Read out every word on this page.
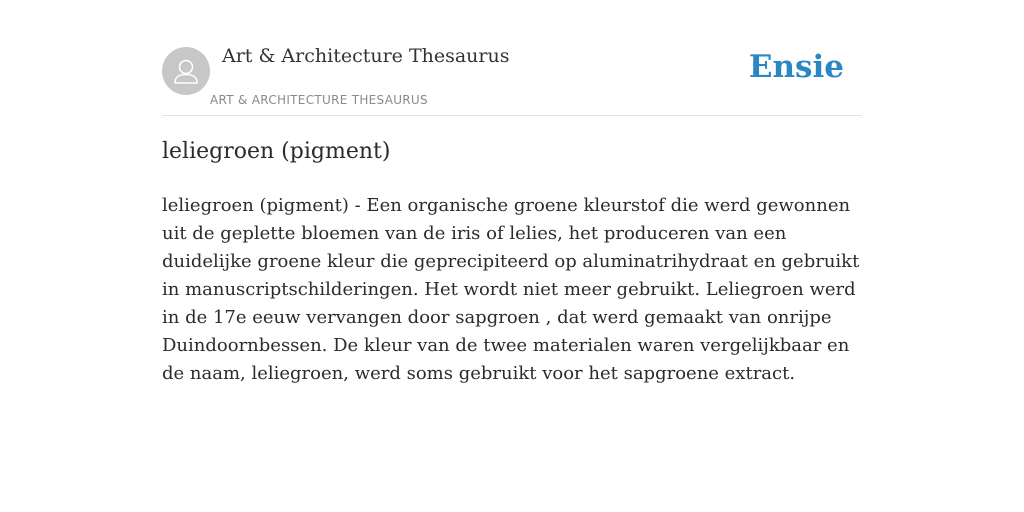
Art & Architecture Thesaurus
ART & ARCHITECTURE THESAURUS
Ensie
leliegroen (pigment)

leliegroen (pigment) - Een organische groene kleurstof die werd gewonnen uit de geplette bloemen van de iris of lelies, het produceren van een duidelijke groene kleur die geprecipiteerd op aluminatrihydraat en gebruikt in manuscriptschilderingen. Het wordt niet meer gebruikt. Leliegroen werd in de 17e eeuw vervangen door sapgroen , dat werd gemaakt van onrijpe Duindoornbessen. De kleur van de twee materialen waren vergelijkbaar en de naam, leliegroen, werd soms gebruikt voor het sapgroene extract.
